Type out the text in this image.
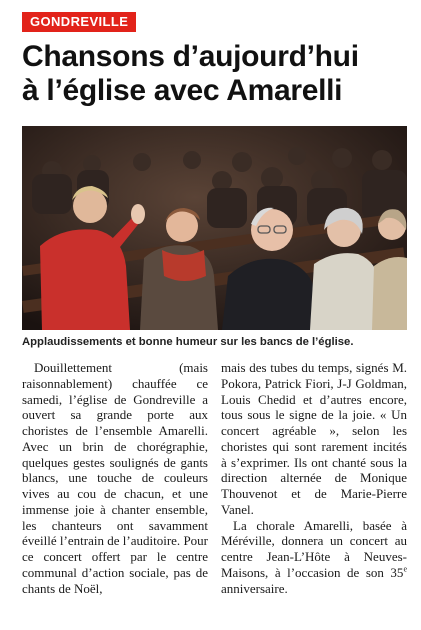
GONDREVILLE
Chansons d’aujourd’hui
à l’église avec Amarelli
Applaudissements et bonne humeur sur les bancs de l’église.

Douillettement (mais raisonnablement) chauffée ce samedi, l’église de Gondreville a ouvert sa grande porte aux choristes de l’ensemble Amarelli. Avec un brin de chorégraphie, quelques gestes soulignés de gants blancs, une touche de couleurs vives au cou de chacun, et une immense joie à chanter ensemble, les chanteurs ont savamment éveillé l’entrain de l’auditoire. Pour ce concert offert par le centre communal d’action sociale, pas de chants de Noël,

mais des tubes du temps, signés M. Pokora, Patrick Fiori, J-J Goldman, Louis Chedid et d’autres encore, tous sous le signe de la joie. « Un concert agréable », selon les choristes qui sont rarement incités à s’exprimer. Ils ont chanté sous la direction alternée de Monique Thouvenot et de Marie-Pierre Vanel.

La chorale Amarelli, basée à Méréville, donnera un concert au centre Jean-L’Hôte à Neuves-Maisons, à l’occasion de son 35e anniversaire.
